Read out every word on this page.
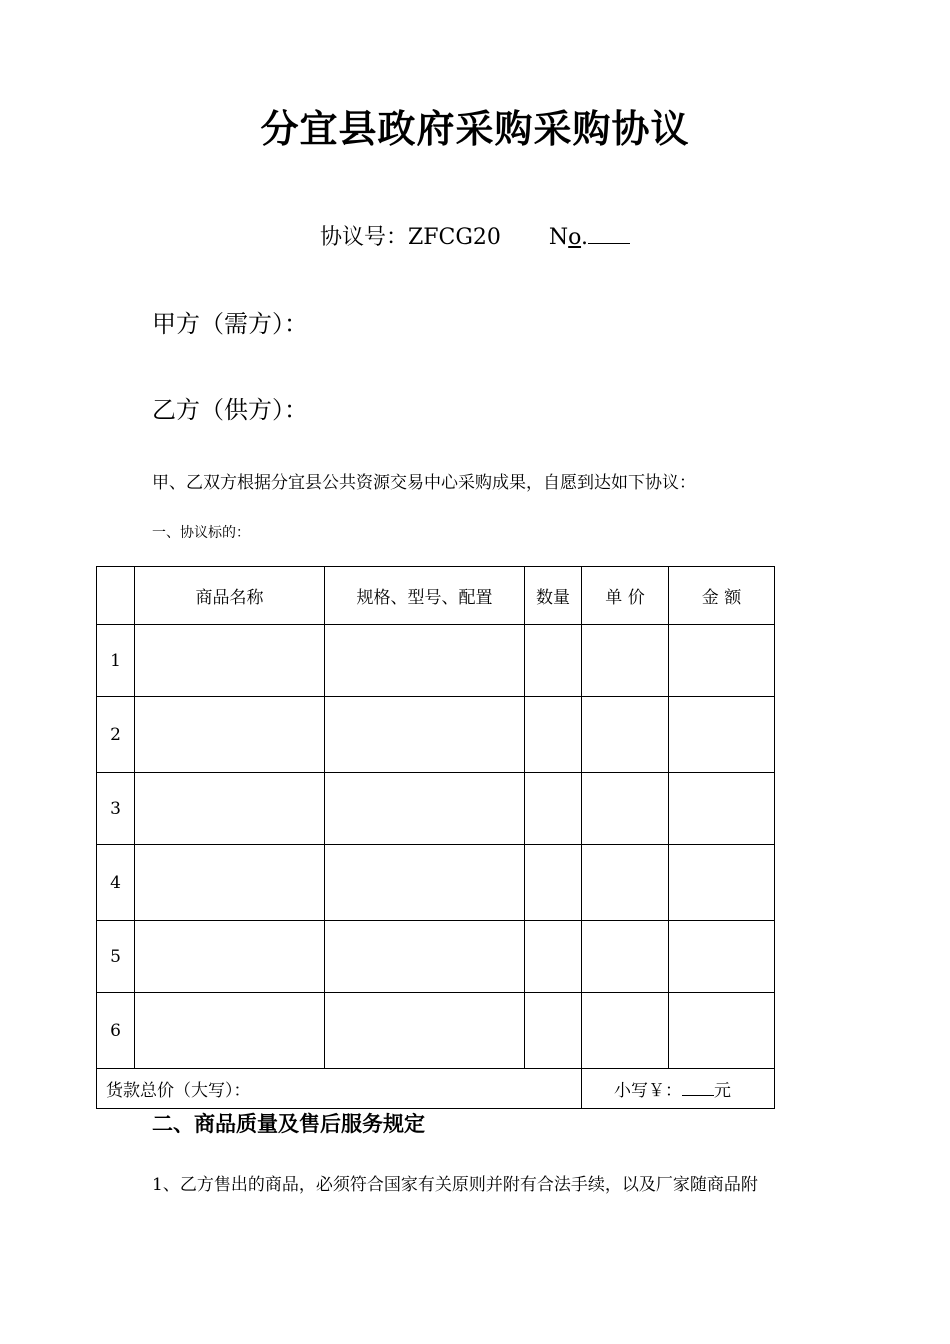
分宜县政府采购采购协议
协议号：ZFCG20 No.
甲方（需方）：
乙方（供方）：
甲、乙双方根据分宜县公共资源交易中心采购成果，自愿到达如下协议：
一、协议标的：
	商品名称	规格、型号、配置	数量	单 价	金 额
1					
2					
3					
4					
5					
6					
货款总价（大写）：				小写￥： 元	
二、商品质量及售后服务规定
1、乙方售出的商品，必须符合国家有关原则并附有合法手续，以及厂家随商品附
